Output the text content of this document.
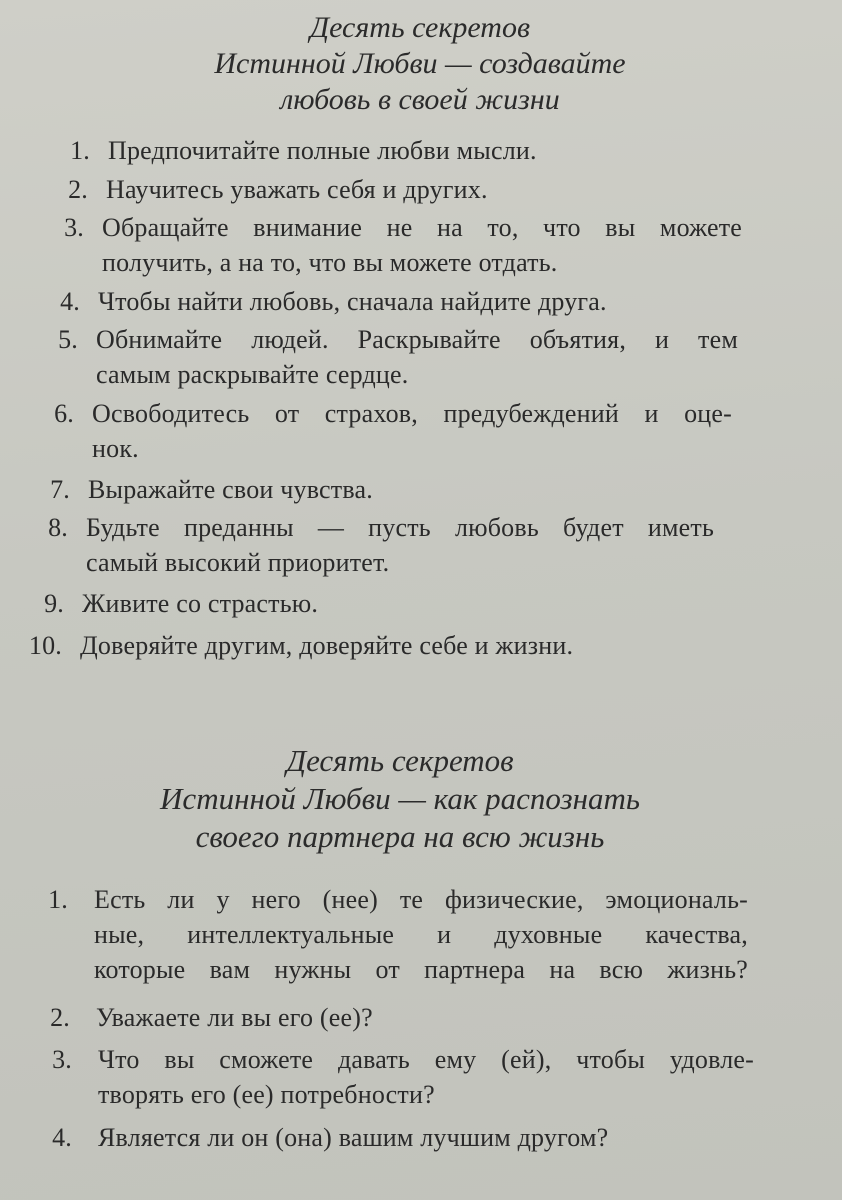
Десять секретов
Истинной Любви — создавайте
любовь в своей жизни
1. Предпочитайте полные любви мысли.
2. Научитесь уважать себя и других.
3. Обращайте внимание не на то, что вы можете
получить, а на то, что вы можете отдать.
4. Чтобы найти любовь, сначала найдите друга.
5. Обнимайте людей. Раскрывайте объятия, и тем
самым раскрывайте сердце.
6. Освободитесь от страхов, предубеждений и оце-
нок.
7. Выражайте свои чувства.
8. Будьте преданны — пусть любовь будет иметь
самый высокий приоритет.
9. Живите со страстью.
10. Доверяйте другим, доверяйте себе и жизни.
Десять секретов
Истинной Любви — как распознать
своего партнера на всю жизнь
1. Есть ли у него (нее) те физические, эмоциональ-
ные, интеллектуальные и духовные качества,
которые вам нужны от партнера на всю жизнь?
2. Уважаете ли вы его (ее)?
3. Что вы сможете давать ему (ей), чтобы удовле-
творять его (ее) потребности?
4. Является ли он (она) вашим лучшим другом?
